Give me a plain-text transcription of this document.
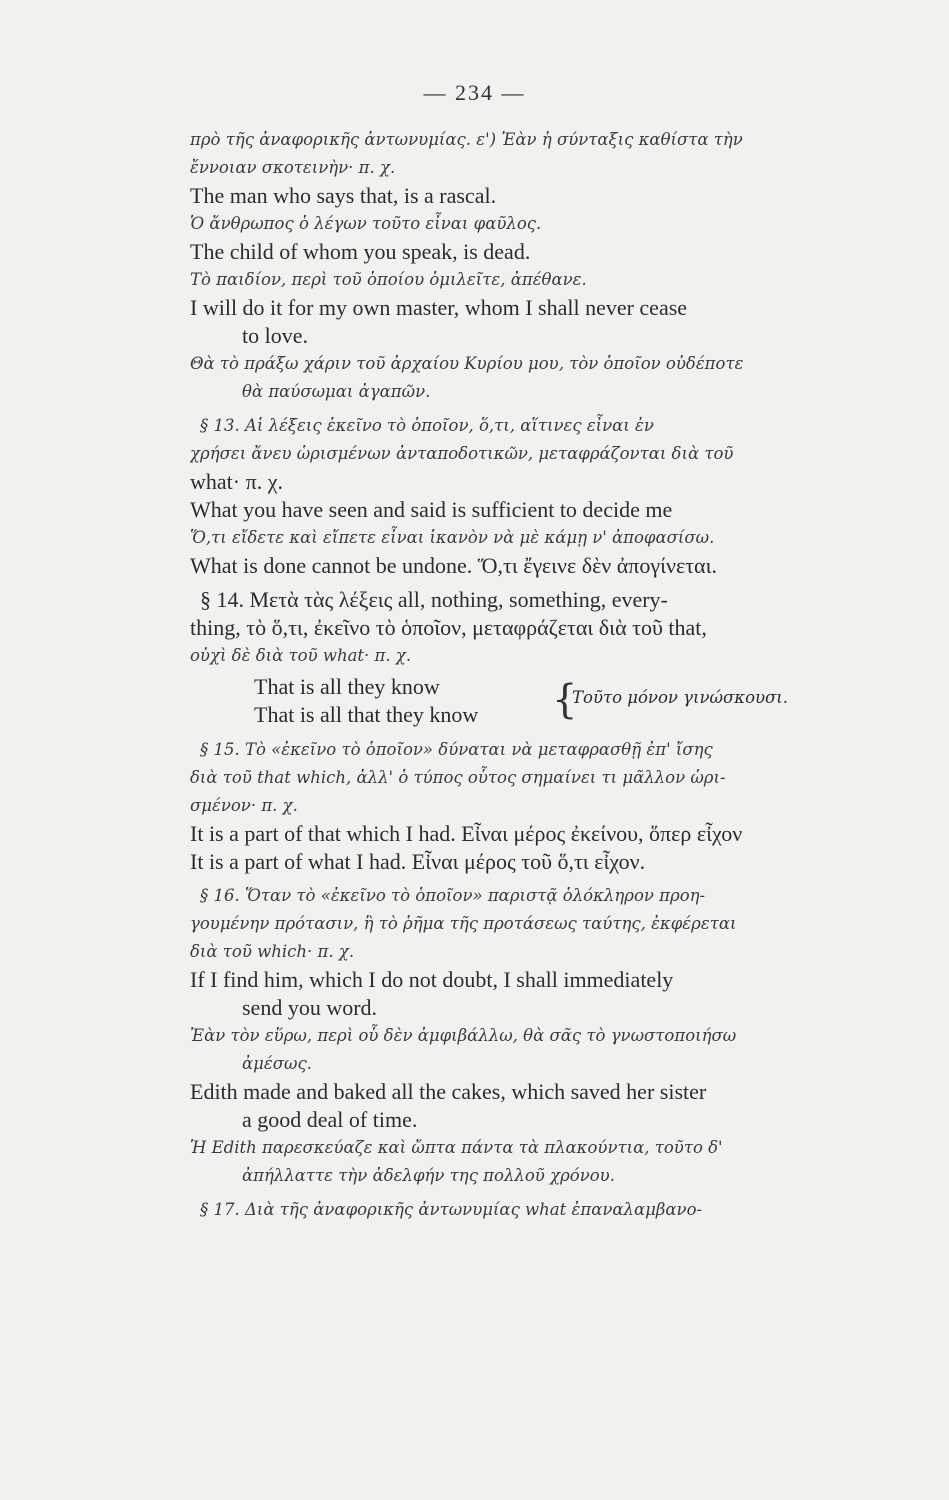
— 234 —
πρὸ τῆς ἀναφορικῆς ἀντωνυμίας. ε') Ἐὰν ἡ σύνταξις καθίστα τὴν
ἔννοιαν σκοτεινὴν· π. χ.
The man who says that, is a rascal.
Ὁ ἄνθρωπος ὁ λέγων τοῦτο εἶναι φαῦλος.
The child of whom you speak, is dead.
Τὸ παιδίον, περὶ τοῦ ὁποίου ὁμιλεῖτε, ἀπέθανε.
I will do it for my own master, whom I shall never cease
to love.
Θὰ τὸ πράξω χάριν τοῦ ἀρχαίου Κυρίου μου, τὸν ὁποῖον οὐδέποτε
θὰ παύσωμαι ἀγαπῶν.
§ 13. Αἱ λέξεις ἐκεῖνο τὸ ὁποῖον, ὅ,τι, αἵτινες εἶναι ἐν
χρήσει ἄνευ ὡρισμένων ἀνταποδοτικῶν, μεταφράζονται διὰ τοῦ
what· π. χ.
What you have seen and said is sufficient to decide me
Ὅ,τι εἴδετε καὶ εἴπετε εἶναι ἱκανὸν νὰ μὲ κάμῃ ν' ἀποφασίσω.
What is done cannot be undone. Ὅ,τι ἔγεινε δὲν ἀπογίνεται.
§ 14. Μετὰ τὰς λέξεις all, nothing, something, every-
thing, τὸ ὅ,τι, ἐκεῖνο τὸ ὁποῖον, μεταφράζεται διὰ τοῦ that,
οὐχὶ δὲ διὰ τοῦ what· π. χ.
That is all they know
That is all that they know {
Τοῦτο μόνον γινώσκουσι.
§ 15. Τὸ «ἐκεῖνο τὸ ὁποῖον» δύναται νὰ μεταφρασθῇ ἐπ' ἴσης
διὰ τοῦ that which, ἀλλ' ὁ τύπος οὗτος σημαίνει τι μᾶλλον ὡρι-
σμένον· π. χ.
It is a part of that which I had. Εἶναι μέρος ἐκείνου, ὅπερ εἶχον
It is a part of what I had. Εἶναι μέρος τοῦ ὅ,τι εἶχον.
§ 16. Ὅταν τὸ «ἐκεῖνο τὸ ὁποῖον» παριστᾷ ὁλόκληρον προη-
γουμένην πρότασιν, ἢ τὸ ῥῆμα τῆς προτάσεως ταύτης, ἐκφέρεται
διὰ τοῦ which· π. χ.
If I find him, which I do not doubt, I shall immediately
send you word.
Ἐὰν τὸν εὕρω, περὶ οὗ δὲν ἀμφιβάλλω, θὰ σᾶς τὸ γνωστοποιήσω
ἀμέσως.
Edith made and baked all the cakes, which saved her sister
a good deal of time.
Ἡ Edith παρεσκεύαζε καὶ ὤπτα πάντα τὰ πλακούντια, τοῦτο δ'
ἀπήλλαττε τὴν ἀδελφήν της πολλοῦ χρόνου.
§ 17. Διὰ τῆς ἀναφορικῆς ἀντωνυμίας what ἐπαναλαμβανο-
